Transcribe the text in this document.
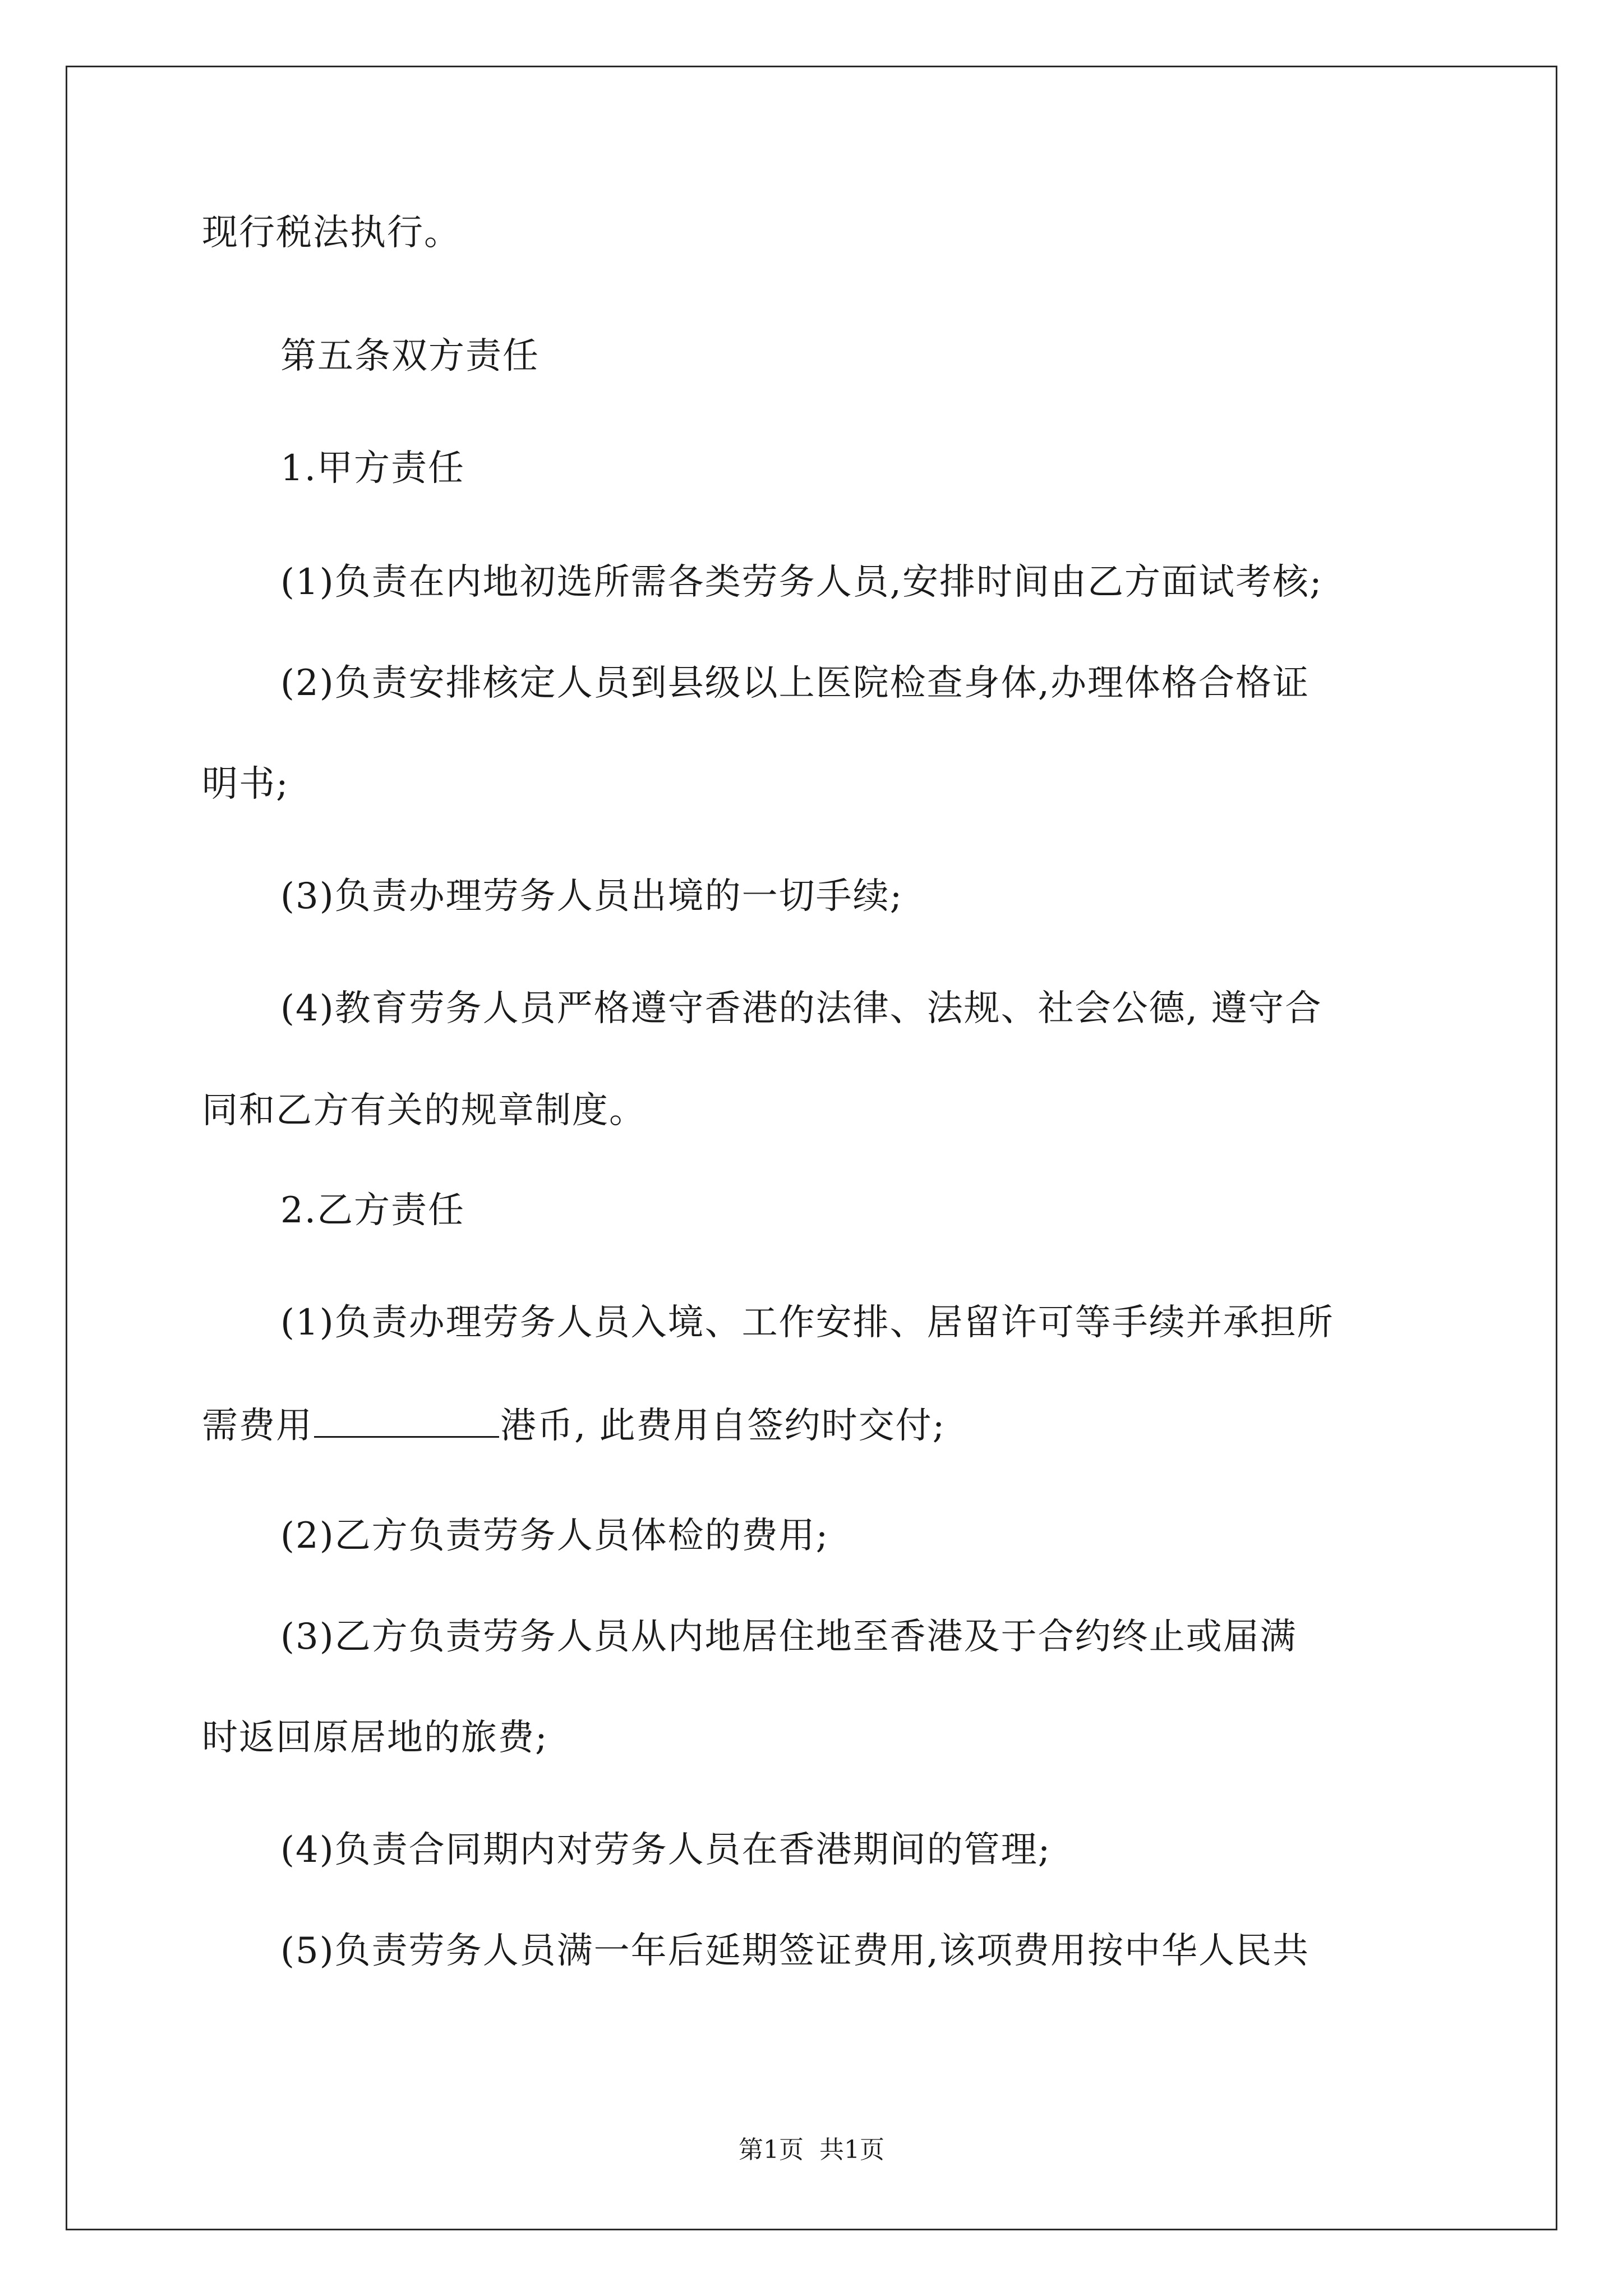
现行税法执行。
第五条双方责任
1.甲方责任
(1)负责在内地初选所需各类劳务人员,安排时间由乙方面试考核;
(2)负责安排核定人员到县级以上医院检查身体,办理体格合格证
明书;
(3)负责办理劳务人员出境的一切手续;
(4)教育劳务人员严格遵守香港的法律、法规、社会公德, 遵守合
同和乙方有关的规章制度。
2.乙方责任
(1)负责办理劳务人员入境、工作安排、居留许可等手续并承担所
需费用	港币, 此费用自签约时交付;
(2)乙方负责劳务人员体检的费用;
(3)乙方负责劳务人员从内地居住地至香港及于合约终止或届满
时返回原居地的旅费;
(4)负责合同期内对劳务人员在香港期间的管理;
(5)负责劳务人员满一年后延期签证费用,该项费用按中华人民共
第1页 共1页
